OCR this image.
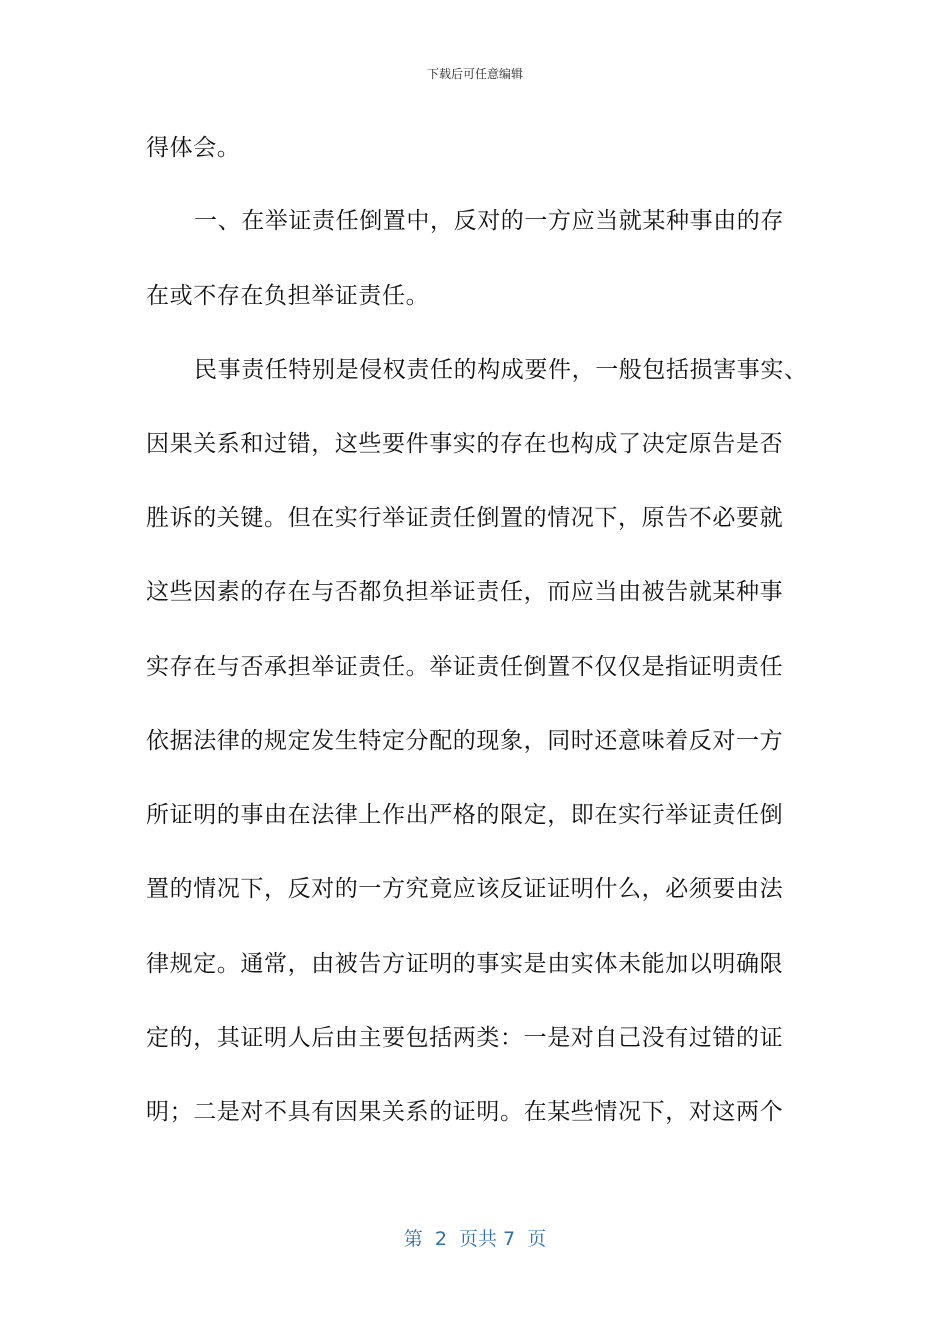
下载后可任意编辑
得体会。
一、在举证责任倒置中，反对的一方应当就某种事由的存
在或不存在负担举证责任。
民事责任特别是侵权责任的构成要件，一般包括损害事实、
因果关系和过错，这些要件事实的存在也构成了决定原告是否
胜诉的关键。但在实行举证责任倒置的情况下，原告不必要就
这些因素的存在与否都负担举证责任，而应当由被告就某种事
实存在与否承担举证责任。举证责任倒置不仅仅是指证明责任
依据法律的规定发生特定分配的现象，同时还意味着反对一方
所证明的事由在法律上作出严格的限定，即在实行举证责任倒
置的情况下，反对的一方究竟应该反证证明什么，必须要由法
律规定。通常，由被告方证明的事实是由实体未能加以明确限
定的，其证明人后由主要包括两类：一是对自己没有过错的证
明；二是对不具有因果关系的证明。在某些情况下，对这两个
第  2  页共 7  页
